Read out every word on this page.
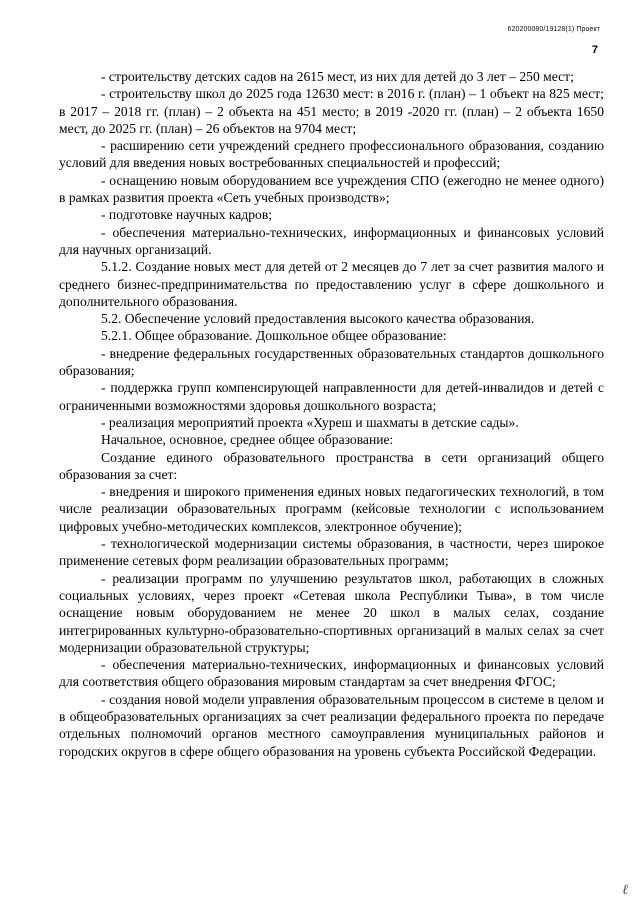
620200080/19128(1) Проект
7

- строительству детских садов на 2615 мест, из них для детей до 3 лет – 250 мест;

- строительству школ до 2025 года 12630 мест: в 2016 г. (план) – 1 объект на 825 мест; в 2017 – 2018 гг. (план) – 2 объекта на 451 место; в 2019 -2020 гг. (план) – 2 объекта 1650 мест, до 2025 гг. (план) – 26 объектов на 9704 мест;

- расширению сети учреждений среднего профессионального образования, созданию условий для введения новых востребованных специальностей и профессий;

- оснащению новым оборудованием все учреждения СПО (ежегодно не менее одного) в рамках развития проекта «Сеть учебных производств»;

- подготовке научных кадров;

- обеспечения материально-технических, информационных и финансовых условий для научных организаций.

5.1.2. Создание новых мест для детей от 2 месяцев до 7 лет за счет развития малого и среднего бизнес-предпринимательства по предоставлению услуг в сфере дошкольного и дополнительного образования.

5.2. Обеспечение условий предоставления высокого качества образования.

5.2.1. Общее образование. Дошкольное общее образование:

- внедрение федеральных государственных образовательных стандартов дошкольного образования;

- поддержка групп компенсирующей направленности для детей-инвалидов и детей с ограниченными возможностями здоровья дошкольного возраста;

- реализация мероприятий проекта «Хуреш и шахматы в детские сады».

Начальное, основное, среднее общее образование:

Создание единого образовательного пространства в сети организаций общего образования за счет:

- внедрения и широкого применения единых новых педагогических технологий, в том числе реализации образовательных программ (кейсовые технологии с использованием цифровых учебно-методических комплексов, электронное обучение);

- технологической модернизации системы образования, в частности, через широкое применение сетевых форм реализации образовательных программ;

- реализации программ по улучшению результатов школ, работающих в сложных социальных условиях, через проект «Сетевая школа Республики Тыва», в том числе оснащение новым оборудованием не менее 20 школ в малых селах, создание интегрированных культурно-образовательно-спортивных организаций в малых селах за счет модернизации образовательной структуры;

- обеспечения материально-технических, информационных и финансовых условий для соответствия общего образования мировым стандартам за счет внедрения ФГОС;

- создания новой модели управления образовательным процессом в системе в целом и в общеобразовательных организациях за счет реализации федерального проекта по передаче отдельных полномочий органов местного самоуправления муниципальных районов и городских округов в сфере общего образования на уровень субъекта Российской Федерации.

ℓ
